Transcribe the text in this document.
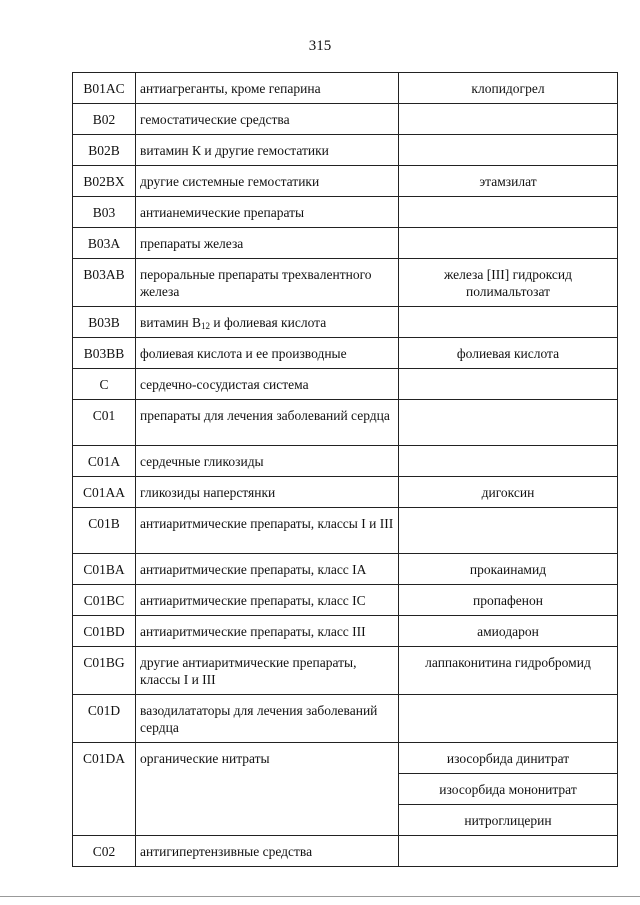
315
B01AC	антиагреганты, кроме гепарина	клопидогрел

B02	гемостатические средства	
B02B	витамин К и другие гемостатики	
B02BX	другие системные гемостатики	этамзилат

B03	антианемические препараты	
B03A	препараты железа	
B03AB	пероральные препараты трехвалентного железа	железа [III] гидроксид полимальтозат

B03B	витамин $B_{12}$ и фолиевая кислота	
B03BB	фолиевая кислота и ее производные	фолиевая кислота

C	сердечно-сосудистая система	
C01	препараты для лечения заболеваний сердца	
C01A	сердечные гликозиды	
C01AA	гликозиды наперстянки	дигоксин

C01B	антиаритмические препараты, классы I и III	
C01BA	антиаритмические препараты, класс IA	прокаинамид

C01BC	антиаритмические препараты, класс IC	пропафенон

C01BD	антиаритмические препараты, класс III	амиодарон

C01BG	другие антиаритмические препараты, классы I и III	лаппаконитина гидробромид

C01D	вазодилататоры для лечения заболеваний сердца	
C01DA	органические нитраты	изосорбида динитрат
изосорбида мононитрат
нитроглицерин

C02	антигипертензивные средства	
